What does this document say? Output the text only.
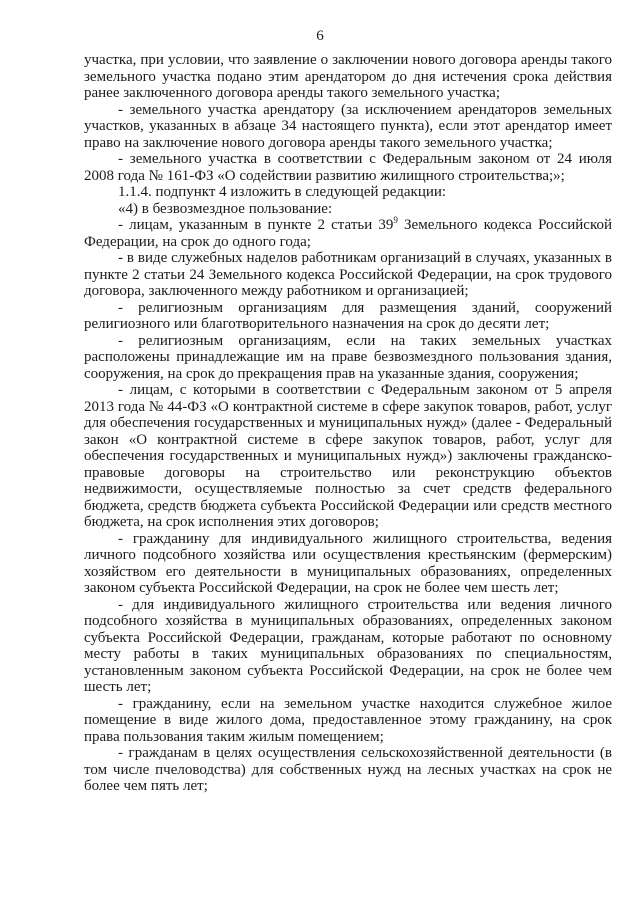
6

участка, при условии, что заявление о заключении нового договора аренды такого земельного участка подано этим арендатором до дня истечения срока действия ранее заключенного договора аренды такого земельного участка;

- земельного участка арендатору (за исключением арендаторов земельных участков, указанных в абзаце 34 настоящего пункта), если этот арендатор имеет право на заключение нового договора аренды такого земельного участка;

- земельного участка в соответствии с Федеральным законом от 24 июля 2008 года № 161-ФЗ «О содействии развитию жилищного строительства;»;

1.1.4. подпункт 4 изложить в следующей редакции:

«4) в безвозмездное пользование:

- лицам, указанным в пункте 2 статьи $39^9$ Земельного кодекса Российской Федерации, на срок до одного года;

- в виде служебных наделов работникам организаций в случаях, указанных в пункте 2 статьи 24 Земельного кодекса Российской Федерации, на срок трудового договора, заключенного между работником и организацией;

- религиозным организациям для размещения зданий, сооружений религиозного или благотворительного назначения на срок до десяти лет;

- религиозным организациям, если на таких земельных участках расположены принадлежащие им на праве безвозмездного пользования здания, сооружения, на срок до прекращения прав на указанные здания, сооружения;

- лицам, с которыми в соответствии с Федеральным законом от 5 апреля 2013 года № 44-ФЗ «О контрактной системе в сфере закупок товаров, работ, услуг для обеспечения государственных и муниципальных нужд» (далее - Федеральный закон «О контрактной системе в сфере закупок товаров, работ, услуг для обеспечения государственных и муниципальных нужд») заключены гражданско-правовые договоры на строительство или реконструкцию объектов недвижимости, осуществляемые полностью за счет средств федерального бюджета, средств бюджета субъекта Российской Федерации или средств местного бюджета, на срок исполнения этих договоров;

- гражданину для индивидуального жилищного строительства, ведения личного подсобного хозяйства или осуществления крестьянским (фермерским) хозяйством его деятельности в муниципальных образованиях, определенных законом субъекта Российской Федерации, на срок не более чем шесть лет;

- для индивидуального жилищного строительства или ведения личного подсобного хозяйства в муниципальных образованиях, определенных законом субъекта Российской Федерации, гражданам, которые работают по основному месту работы в таких муниципальных образованиях по специальностям, установленным законом субъекта Российской Федерации, на срок не более чем шесть лет;

- гражданину, если на земельном участке находится служебное жилое помещение в виде жилого дома, предоставленное этому гражданину, на срок права пользования таким жилым помещением;

- гражданам в целях осуществления сельскохозяйственной деятельности (в том числе пчеловодства) для собственных нужд на лесных участках на срок не более чем пять лет;
